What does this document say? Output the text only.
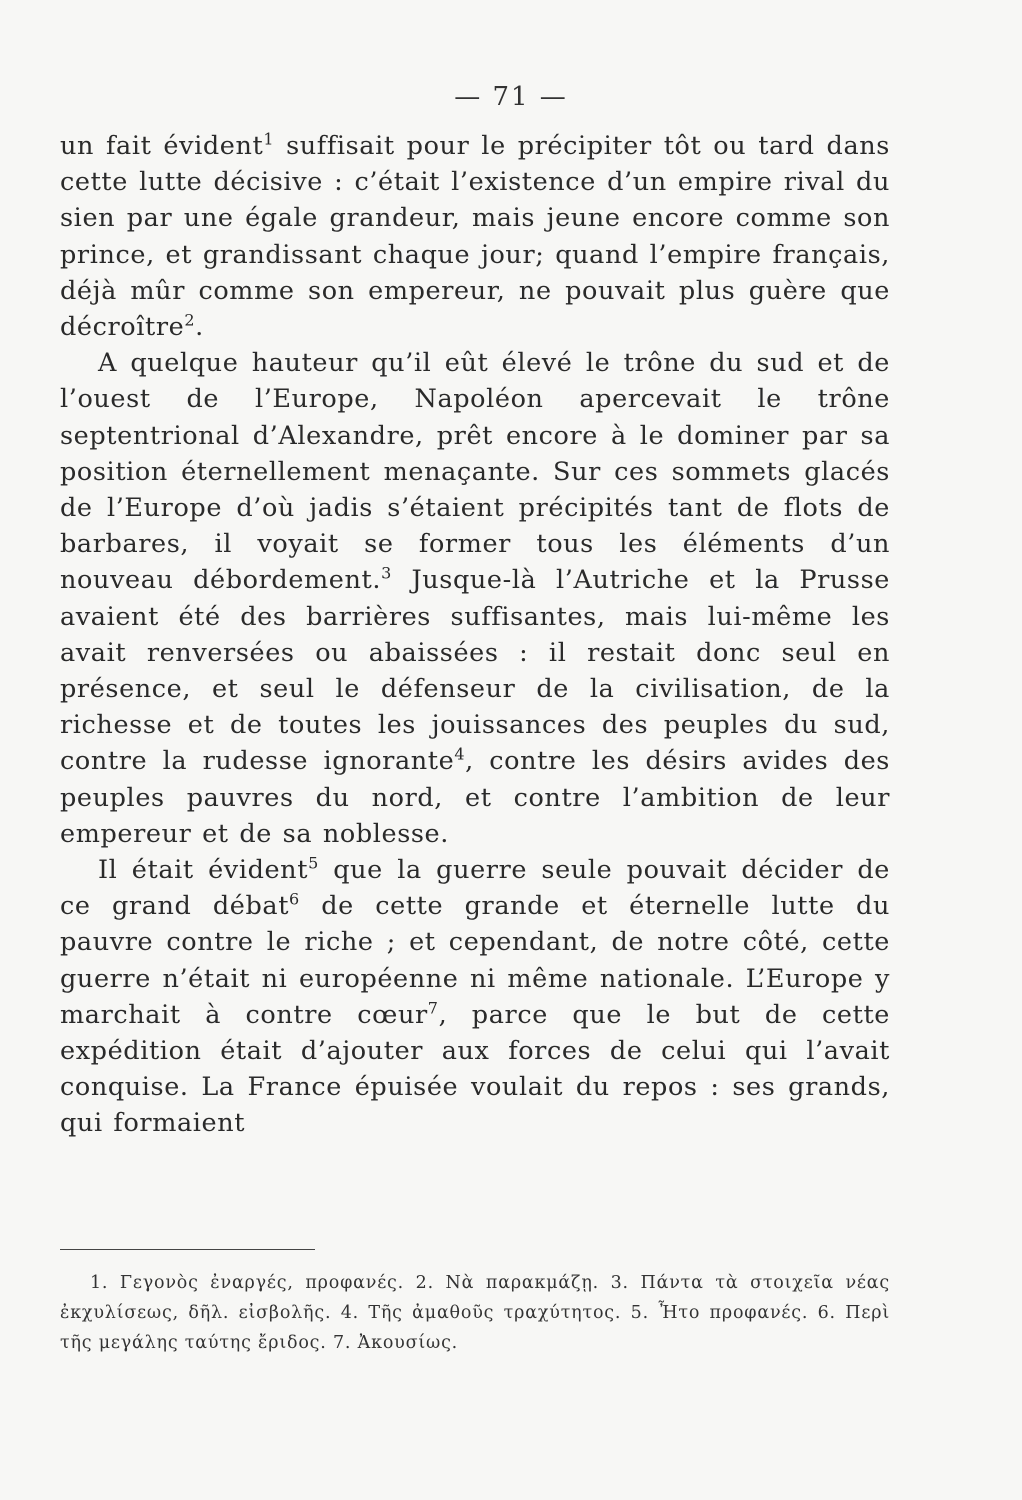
— 71 —

un fait évident$^1$ suffisait pour le précipiter tôt ou tard dans cette lutte décisive : c’était l’existence d’un empire rival du sien par une égale grandeur, mais jeune encore comme son prince, et grandissant chaque jour; quand l’empire français, déjà mûr comme son empereur, ne pouvait plus guère que décroître$^2$.

A quelque hauteur qu’il eût élevé le trône du sud et de l’ouest de l’Europe, Napoléon apercevait le trône septentrional d’Alexandre, prêt encore à le dominer par sa position éternellement menaçante. Sur ces sommets glacés de l’Europe d’où jadis s’étaient précipités tant de flots de barbares, il voyait se former tous les éléments d’un nouveau débordement.$^3$ Jusque-là l’Autriche et la Prusse avaient été des barrières suffisantes, mais lui-même les avait renversées ou abaissées : il restait donc seul en présence, et seul le défenseur de la civilisation, de la richesse et de toutes les jouissances des peuples du sud, contre la rudesse ignorante$^4$, contre les désirs avides des peuples pauvres du nord, et contre l’ambition de leur empereur et de sa noblesse.

Il était évident$^5$ que la guerre seule pouvait décider de ce grand débat$^6$ de cette grande et éternelle lutte du pauvre contre le riche ; et cependant, de notre côté, cette guerre n’était ni européenne ni même nationale. L’Europe y marchait à contre cœur$^7$, parce que le but de cette expédition était d’ajouter aux forces de celui qui l’avait conquise. La France épuisée voulait du repos : ses grands, qui formaient

1. Γεγονὸς ἐναργές, προφανές. 2. Νὰ παρακμάζῃ. 3. Πάντα τὰ στοιχεῖα νέας ἐκχυλίσεως, δῆλ. εἰσβολῆς. 4. Τῆς ἀμαθοῦς τραχύτητος. 5. Ἦτο προφανές. 6. Περὶ τῆς μεγάλης ταύτης ἔριδος. 7. Ἀκουσίως.
